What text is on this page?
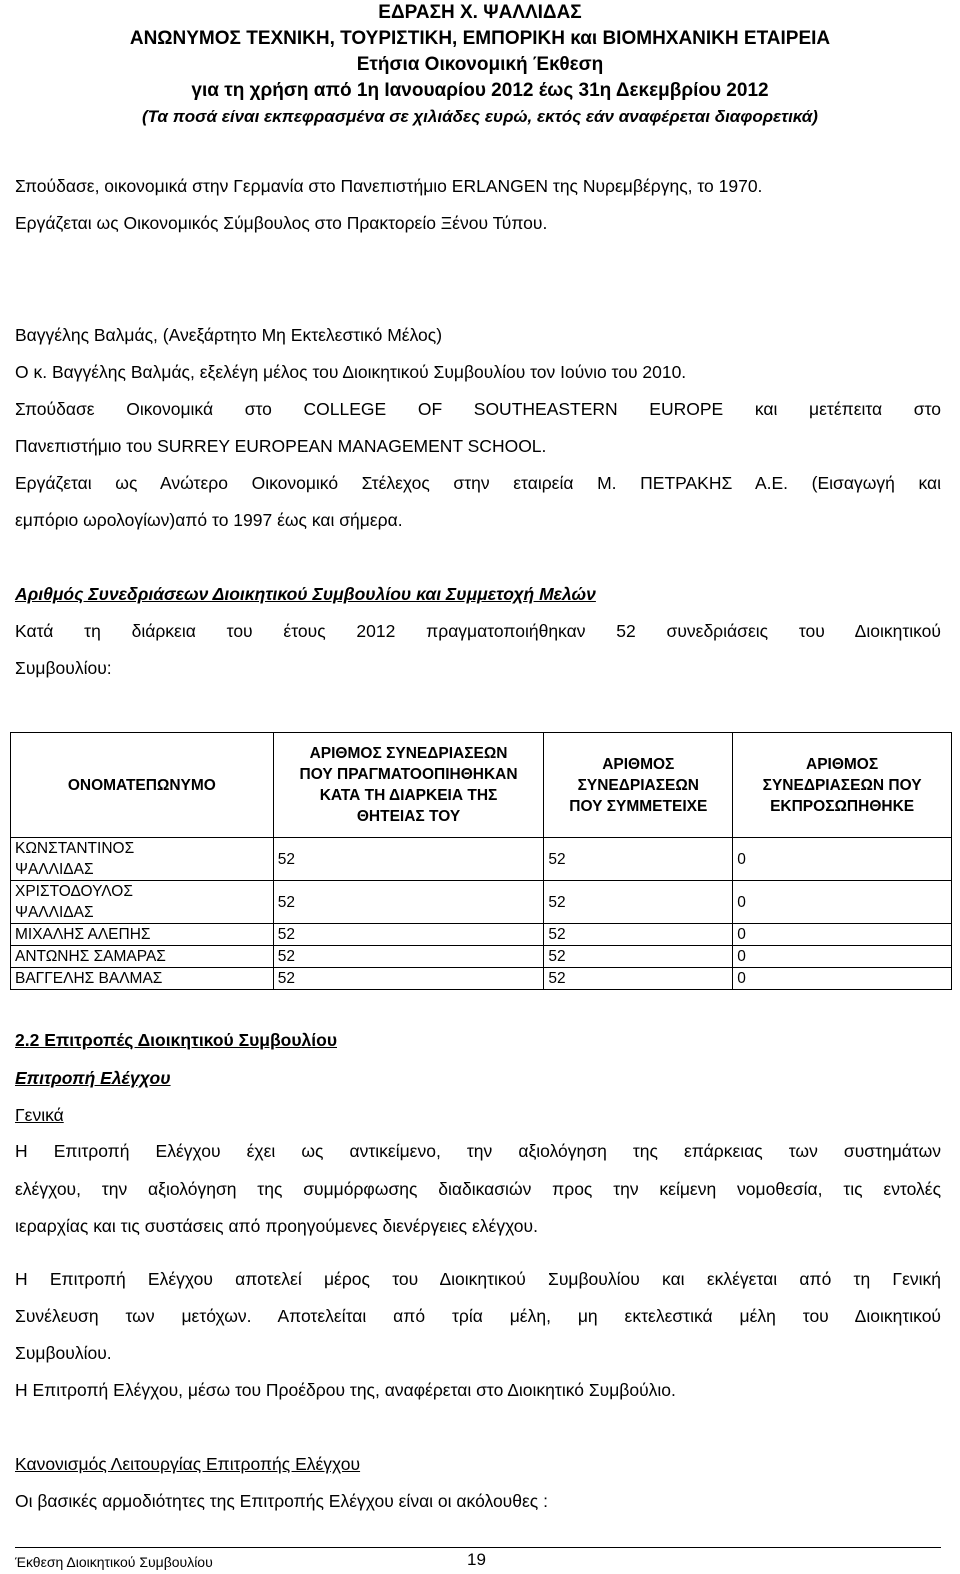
ΕΔΡΑΣΗ Χ. ΨΑΛΛΙΔΑΣ
ΑΝΩΝΥΜΟΣ ΤΕΧΝΙΚΗ, ΤΟΥΡΙΣΤΙΚΗ, ΕΜΠΟΡΙΚΗ και ΒΙΟΜΗΧΑΝΙΚΗ ΕΤΑΙΡΕΙΑ
Ετήσια Οικονομική Έκθεση
για τη χρήση από 1η Ιανουαρίου 2012 έως 31η Δεκεμβρίου 2012
(Τα ποσά είναι εκπεφρασμένα σε χιλιάδες ευρώ, εκτός εάν αναφέρεται διαφορετικά)
Σπούδασε, οικονομικά στην Γερμανία στο Πανεπιστήμιο ERLANGEN της Νυρεμβέργης, το 1970.
Εργάζεται ως Οικονομικός Σύμβουλος στο Πρακτορείο Ξένου Τύπου.
Βαγγέλης Βαλμάς, (Ανεξάρτητο Μη Εκτελεστικό Μέλος)
Ο κ. Βαγγέλης Βαλμάς, εξελέγη μέλος του Διοικητικού Συμβουλίου τον Ιούνιο του 2010.
Σπούδασε Οικονομικά στο COLLEGE OF SOUTHEASTERN EUROPE και μετέπειτα στο
Πανεπιστήμιο του SURREY EUROPEAN MANAGEMENT SCHOOL.
Εργάζεται ως Ανώτερο Οικονομικό Στέλεχος στην εταιρεία Μ. ΠΕΤΡΑΚΗΣ Α.Ε. (Εισαγωγή και
εμπόριο ωρολογίων)από το 1997 έως και σήμερα.
Αριθμός Συνεδριάσεων Διοικητικού Συμβουλίου και Συμμετοχή Μελών
Κατά τη διάρκεια του έτους 2012 πραγματοποιήθηκαν 52 συνεδριάσεις του Διοικητικού
Συμβουλίου:
ΟΝΟΜΑΤΕΠΩΝΥΜΟ	ΑΡΙΘΜΟΣ ΣΥΝΕΔΡΙΑΣΕΩΝ ΠΟΥ ΠΡΑΓΜΑΤΟΟΠΙΗΘΗΚΑΝ ΚΑΤΑ ΤΗ ΔΙΑΡΚΕΙΑ ΤΗΣ ΘΗΤΕΙΑΣ ΤΟΥ	ΑΡΙΘΜΟΣ ΣΥΝΕΔΡΙΑΣΕΩΝ ΠΟΥ ΣΥΜΜΕΤΕΙΧΕ	ΑΡΙΘΜΟΣ ΣΥΝΕΔΡΙΑΣΕΩΝ ΠΟΥ ΕΚΠΡΟΣΩΠΗΘΗΚΕ
ΚΩΝΣΤΑΝΤΙΝΟΣ ΨΑΛΛΙΔΑΣ	52	52	0
ΧΡΙΣΤΟΔΟΥΛΟΣ ΨΑΛΛΙΔΑΣ	52	52	0
ΜΙΧΑΛΗΣ ΑΛΕΠΗΣ	52	52	0
ΑΝΤΩΝΗΣ ΣΑΜΑΡΑΣ	52	52	0
ΒΑΓΓΕΛΗΣ ΒΑΛΜΑΣ	52	52	0
2.2 Επιτροπές Διοικητικού Συμβουλίου
Επιτροπή Ελέγχου
Γενικά
Η Επιτροπή Ελέγχου έχει ως αντικείμενο, την αξιολόγηση της επάρκειας των συστημάτων
ελέγχου, την αξιολόγηση της συμμόρφωσης διαδικασιών προς την κείμενη νομοθεσία, τις εντολές
ιεραρχίας και τις συστάσεις από προηγούμενες διενέργειες ελέγχου.
Η Επιτροπή Ελέγχου αποτελεί μέρος του Διοικητικού Συμβουλίου και εκλέγεται από τη Γενική
Συνέλευση των μετόχων. Αποτελείται από τρία μέλη, μη εκτελεστικά μέλη του Διοικητικού
Συμβουλίου.
Η Επιτροπή Ελέγχου, μέσω του Προέδρου της, αναφέρεται στο Διοικητικό Συμβούλιο.
Κανονισμός Λειτουργίας Επιτροπής Ελέγχου
Οι βασικές αρμοδιότητες της Επιτροπής Ελέγχου είναι οι ακόλουθες :
Έκθεση Διοικητικού Συμβουλίου	19
